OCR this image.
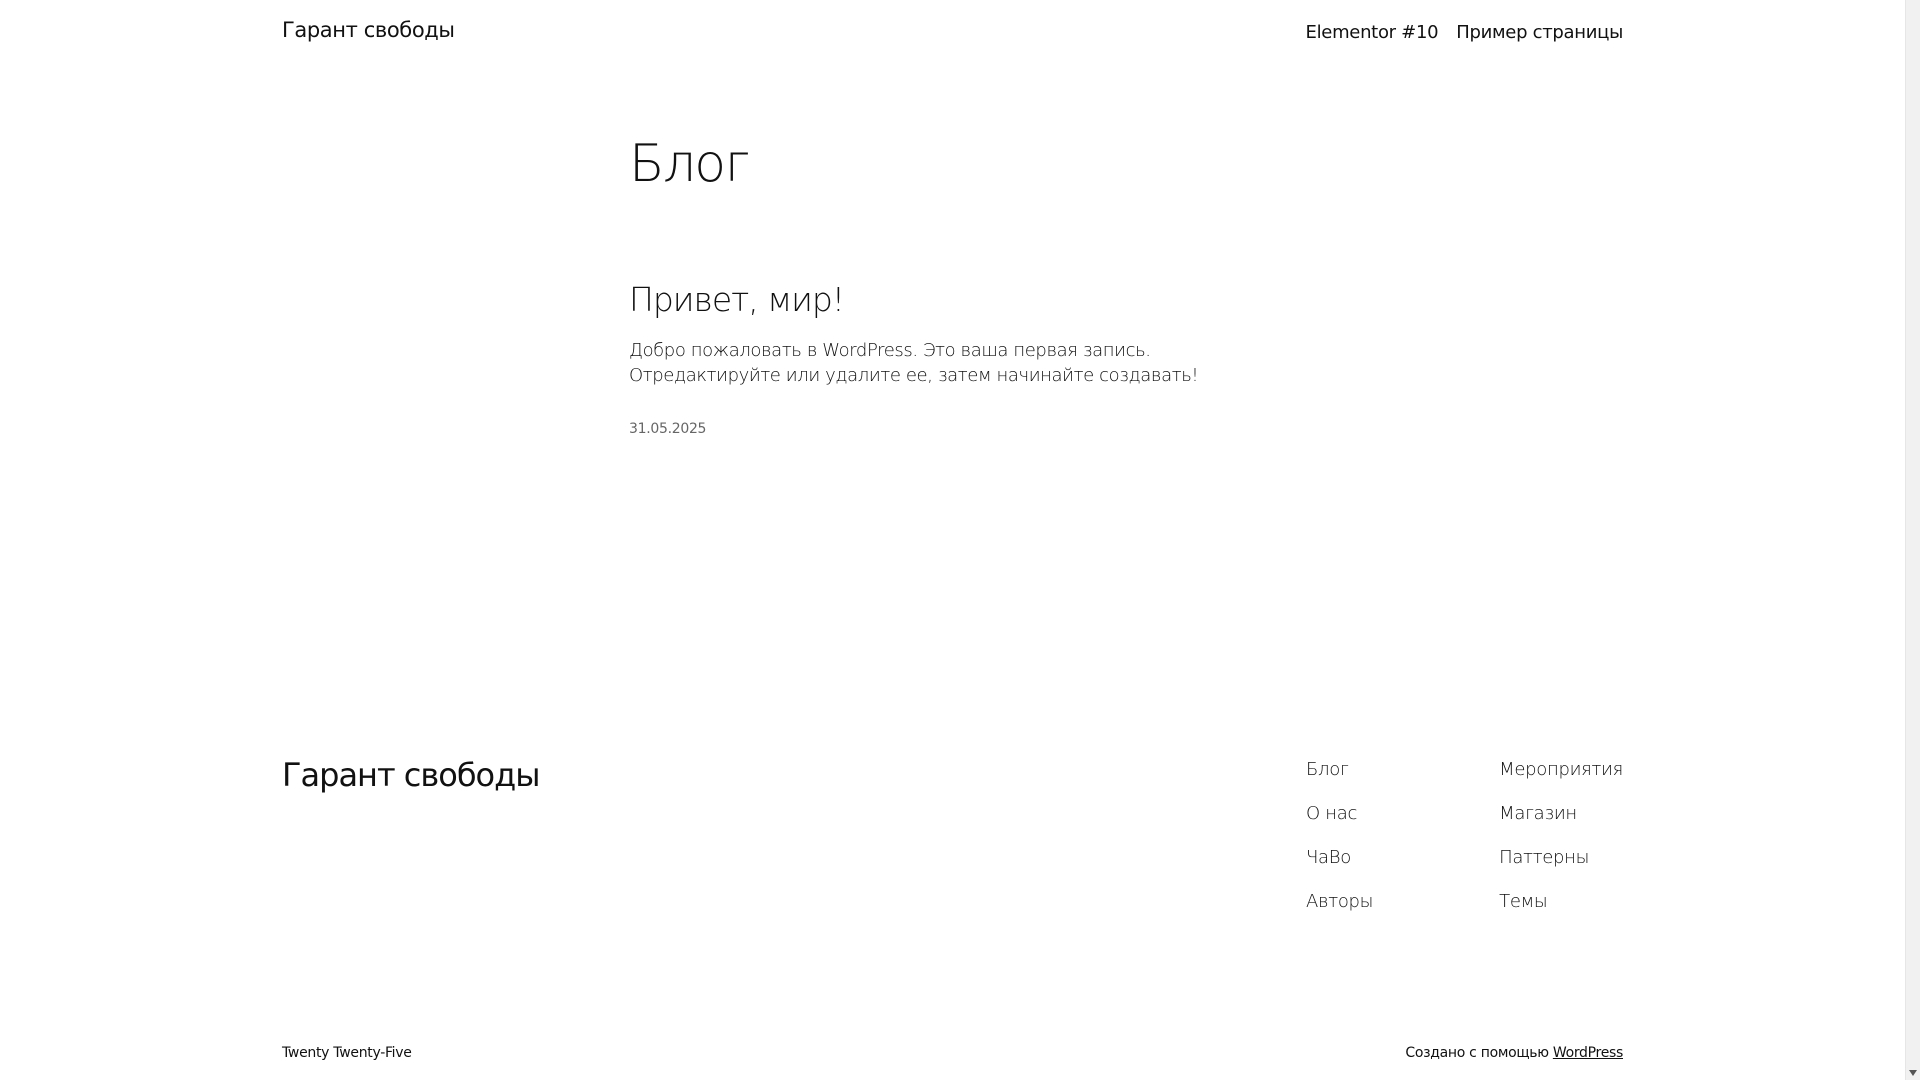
Гарант свободы	Elementor #10 Пример страницы
Блог
Привет, мир!

Добро пожаловать в WordPress. Это ваша первая запись. Отредактируйте или удалите ее, затем начинайте создавать!

31.05.2025
Гарант свободы	Блог
О нас
ЧаВо
Авторы
Мероприятия
Магазин
Паттерны
Темы
Twenty Twenty-Five	Создано с помощью WordPress
